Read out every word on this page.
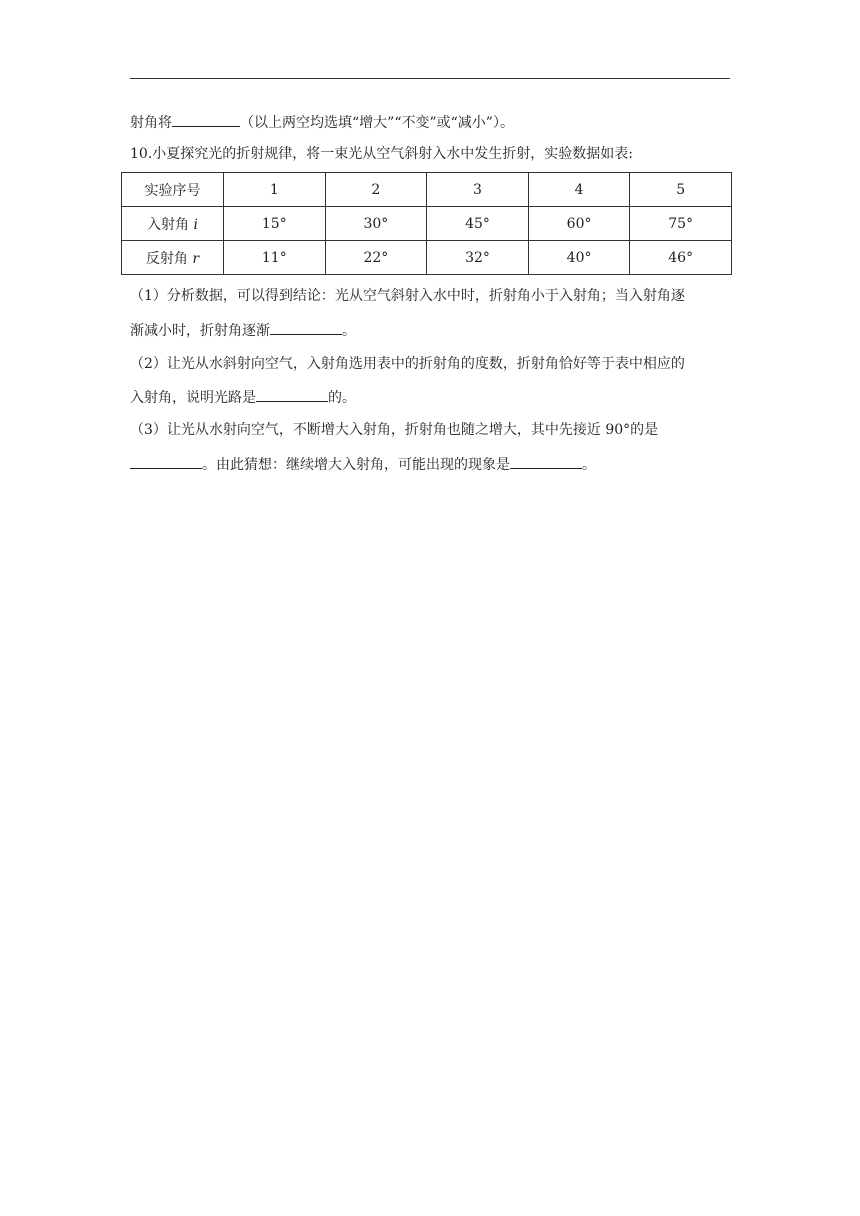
射角将	（以上两空均选填“增大”“不变”或“减小”）。
10.小夏探究光的折射规律，将一束光从空气斜射入水中发生折射，实验数据如表:
实验序号	1	2	3	4	5
入射角 i	15°	30°	45°	60°	75°
反射角 r	11°	22°	32°	40°	46°
（1）分析数据，可以得到结论：光从空气斜射入水中时，折射角小于入射角；当入射角逐
渐减小时，折射角逐渐	。
（2）让光从水斜射向空气，入射角选用表中的折射角的度数，折射角恰好等于表中相应的
入射角，说明光路是	的。
（3）让光从水射向空气，不断增大入射角，折射角也随之增大，其中先接近 90°的是
。由此猜想：继续增大入射角，可能出现的现象是	。
